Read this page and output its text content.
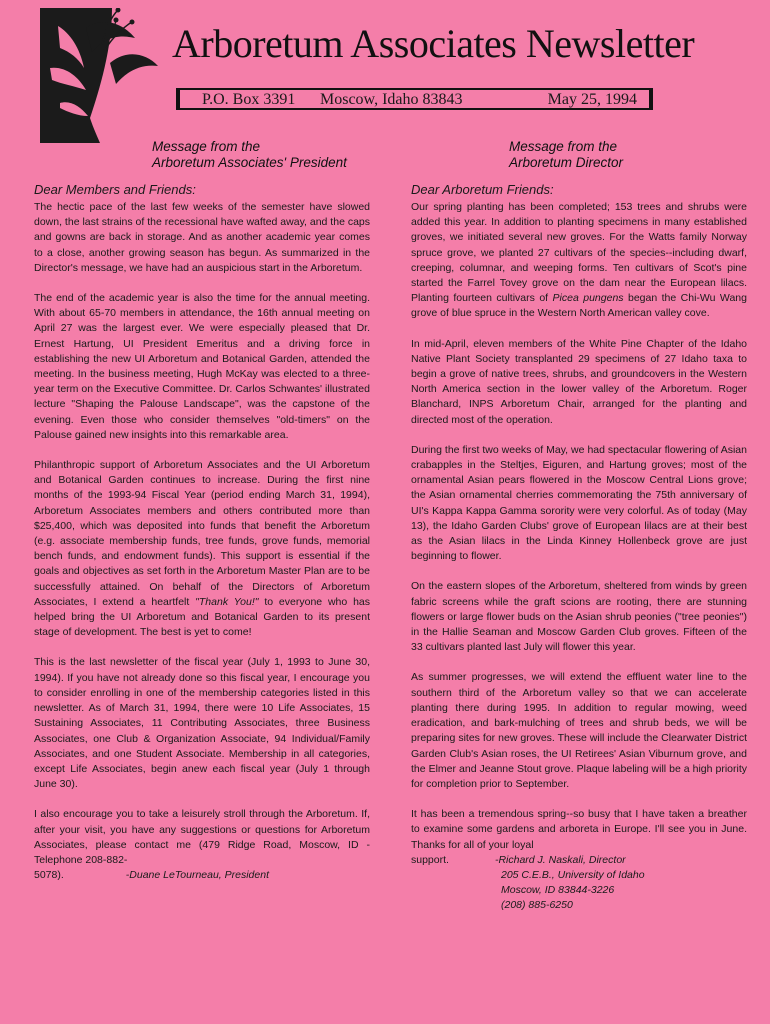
Arboretum Associates Newsletter
P.O. Box 3391 Moscow, Idaho 83843	May 25, 1994
Message from the
Arboretum Associates' President
Message from the
Arboretum Director
Dear Members and Friends:

The hectic pace of the last few weeks of the semester have slowed down, the last strains of the recessional have wafted away, and the caps and gowns are back in storage. And as another academic year comes to a close, another growing season has begun. As summarized in the Director's message, we have had an auspicious start in the Arboretum.

The end of the academic year is also the time for the annual meeting. With about 65-70 members in attendance, the 16th annual meeting on April 27 was the largest ever. We were especially pleased that Dr. Ernest Hartung, UI President Emeritus and a driving force in establishing the new UI Arboretum and Botanical Garden, attended the meeting. In the business meeting, Hugh McKay was elected to a three-year term on the Executive Committee. Dr. Carlos Schwantes' illustrated lecture "Shaping the Palouse Landscape", was the capstone of the evening. Even those who consider themselves "old-timers" on the Palouse gained new insights into this remarkable area.

Philanthropic support of Arboretum Associates and the UI Arboretum and Botanical Garden continues to increase. During the first nine months of the 1993-94 Fiscal Year (period ending March 31, 1994), Arboretum Associates members and others contributed more than $25,400, which was deposited into funds that benefit the Arboretum (e.g. associate membership funds, tree funds, grove funds, memorial bench funds, and endowment funds). This support is essential if the goals and objectives as set forth in the Arboretum Master Plan are to be successfully attained. On behalf of the Directors of Arboretum Associates, I extend a heartfelt "Thank You!" to everyone who has helped bring the UI Arboretum and Botanical Garden to its present stage of development. The best is yet to come!

This is the last newsletter of the fiscal year (July 1, 1993 to June 30, 1994). If you have not already done so this fiscal year, I encourage you to consider enrolling in one of the membership categories listed in this newsletter. As of March 31, 1994, there were 10 Life Associates, 15 Sustaining Associates, 11 Contributing Associates, three Business Associates, one Club & Organization Associate, 94 Individual/Family Associates, and one Student Associate. Membership in all categories, except Life Associates, begin anew each fiscal year (July 1 through June 30).

I also encourage you to take a leisurely stroll through the Arboretum. If, after your visit, you have any suggestions or questions for Arboretum Associates, please contact me (479 Ridge Road, Moscow, ID - Telephone 208-882-
5078).	-Duane LeTourneau, President

Dear Arboretum Friends:

Our spring planting has been completed; 153 trees and shrubs were added this year. In addition to planting specimens in many established groves, we initiated several new groves. For the Watts family Norway spruce grove, we planted 27 cultivars of the species--including dwarf, creeping, columnar, and weeping forms. Ten cultivars of Scot's pine started the Farrel Tovey grove on the dam near the European lilacs. Planting fourteen cultivars of Picea pungens began the Chi-Wu Wang grove of blue spruce in the Western North American valley cove.

In mid-April, eleven members of the White Pine Chapter of the Idaho Native Plant Society transplanted 29 specimens of 27 Idaho taxa to begin a grove of native trees, shrubs, and groundcovers in the Western North America section in the lower valley of the Arboretum. Roger Blanchard, INPS Arboretum Chair, arranged for the planting and directed most of the operation.

During the first two weeks of May, we had spectacular flowering of Asian crabapples in the Steltjes, Eiguren, and Hartung groves; most of the ornamental Asian pears flowered in the Moscow Central Lions grove; the Asian ornamental cherries commemorating the 75th anniversary of UI's Kappa Kappa Gamma sorority were very colorful. As of today (May 13), the Idaho Garden Clubs' grove of European lilacs are at their best as the Asian lilacs in the Linda Kinney Hollenbeck grove are just beginning to flower.

On the eastern slopes of the Arboretum, sheltered from winds by green fabric screens while the graft scions are rooting, there are stunning flowers or large flower buds on the Asian shrub peonies ("tree peonies") in the Hallie Seaman and Moscow Garden Club groves. Fifteen of the 33 cultivars planted last July will flower this year.

As summer progresses, we will extend the effluent water line to the southern third of the Arboretum valley so that we can accelerate planting there during 1995. In addition to regular mowing, weed eradication, and bark-mulching of trees and shrub beds, we will be preparing sites for new groves. These will include the Clearwater District Garden Club's Asian roses, the UI Retirees' Asian Viburnum grove, and the Elmer and Jeanne Stout grove. Plaque labeling will be a high priority for completion prior to September.

It has been a tremendous spring--so busy that I have taken a breather to examine some gardens and arboreta in Europe. I'll see you in June. Thanks for all of your loyal
support.	-Richard J. Naskali, Director
205 C.E.B., University of Idaho
Moscow, ID 83844-3226
(208) 885-6250
